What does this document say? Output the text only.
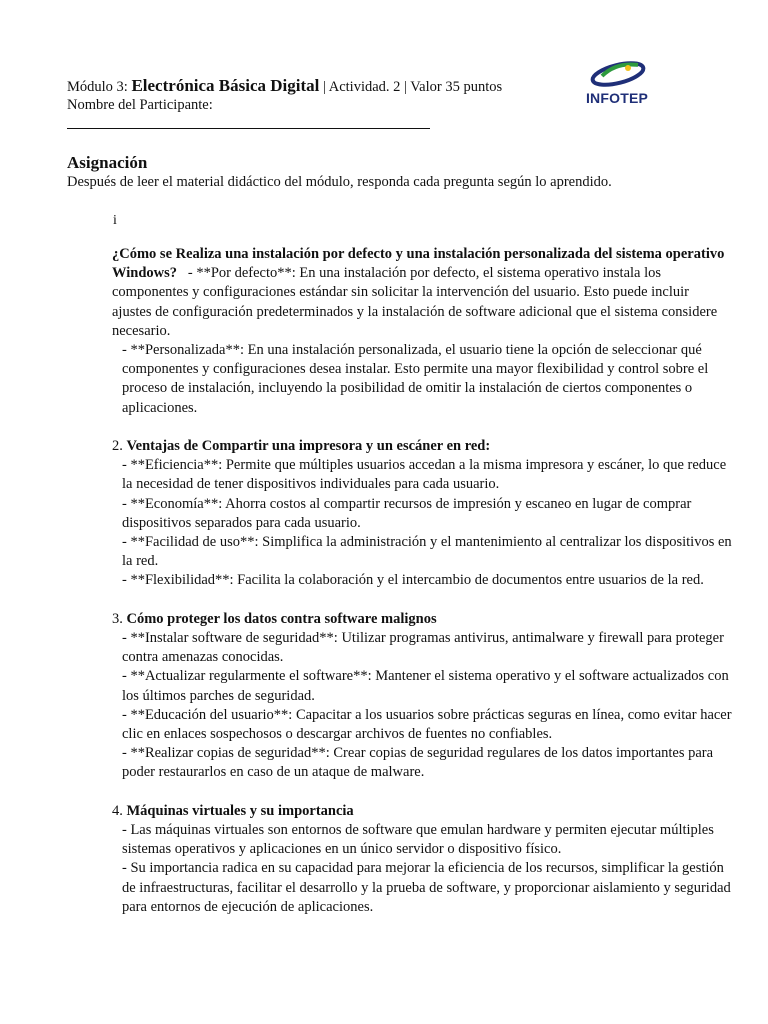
Módulo 3: Electrónica Básica Digital | Actividad. 2 | Valor 35 puntos
Nombre del Participante:	INFOTEP
Asignación
Después de leer el material didáctico del módulo, responda cada pregunta según lo aprendido.
i

¿Cómo se Realiza una instalación por defecto y una instalación personalizada del sistema operativo Windows?   - **Por defecto**: En una instalación por defecto, el sistema operativo instala los componentes y configuraciones estándar sin solicitar la intervención del usuario. Esto puede incluir ajustes de configuración predeterminados y la instalación de software adicional que el sistema considere necesario.

- **Personalizada**: En una instalación personalizada, el usuario tiene la opción de seleccionar qué componentes y configuraciones desea instalar. Esto permite una mayor flexibilidad y control sobre el proceso de instalación, incluyendo la posibilidad de omitir la instalación de ciertos componentes o aplicaciones.

2. Ventajas de Compartir una impresora y un escáner en red:

- **Eficiencia**: Permite que múltiples usuarios accedan a la misma impresora y escáner, lo que reduce la necesidad de tener dispositivos individuales para cada usuario.

- **Economía**: Ahorra costos al compartir recursos de impresión y escaneo en lugar de comprar dispositivos separados para cada usuario.

- **Facilidad de uso**: Simplifica la administración y el mantenimiento al centralizar los dispositivos en la red.

- **Flexibilidad**: Facilita la colaboración y el intercambio de documentos entre usuarios de la red.

3. Cómo proteger los datos contra software malignos

- **Instalar software de seguridad**: Utilizar programas antivirus, antimalware y firewall para proteger contra amenazas conocidas.

- **Actualizar regularmente el software**: Mantener el sistema operativo y el software actualizados con los últimos parches de seguridad.

- **Educación del usuario**: Capacitar a los usuarios sobre prácticas seguras en línea, como evitar hacer clic en enlaces sospechosos o descargar archivos de fuentes no confiables.

- **Realizar copias de seguridad**: Crear copias de seguridad regulares de los datos importantes para poder restaurarlos en caso de un ataque de malware.

4. Máquinas virtuales y su importancia

- Las máquinas virtuales son entornos de software que emulan hardware y permiten ejecutar múltiples sistemas operativos y aplicaciones en un único servidor o dispositivo físico.

- Su importancia radica en su capacidad para mejorar la eficiencia de los recursos, simplificar la gestión de infraestructuras, facilitar el desarrollo y la prueba de software, y proporcionar aislamiento y seguridad para entornos de ejecución de aplicaciones.
